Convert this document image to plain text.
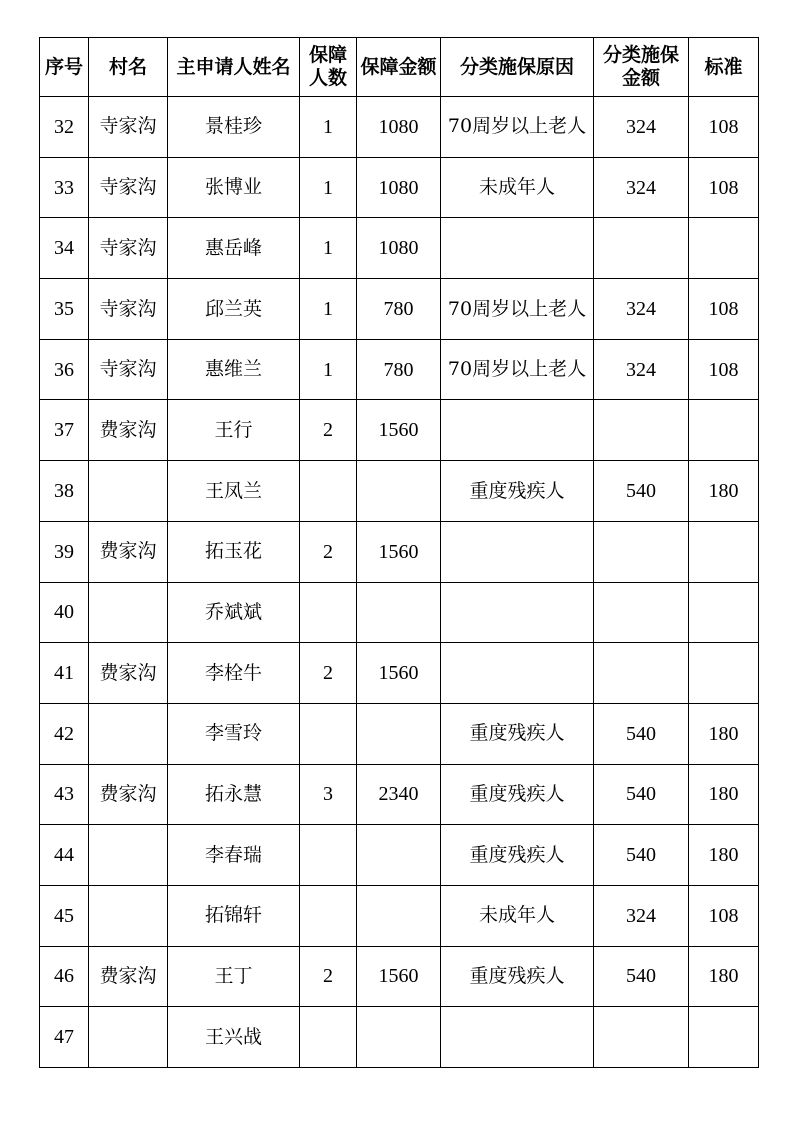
序号	村名	主申请人姓名	保障人数	保障金额	分类施保原因	分类施保金额	标准
32	寺家沟	景桂珍	1	1080	70周岁以上老人	324	108
33	寺家沟	张博业	1	1080	未成年人	324	108
34	寺家沟	惠岳峰	1	1080			
35	寺家沟	邱兰英	1	780	70周岁以上老人	324	108
36	寺家沟	惠维兰	1	780	70周岁以上老人	324	108
37	费家沟	王行	2	1560			
38		王凤兰			重度残疾人	540	180
39	费家沟	拓玉花	2	1560			
40		乔斌斌					
41	费家沟	李栓牛	2	1560			
42		李雪玲			重度残疾人	540	180
43	费家沟	拓永慧	3	2340	重度残疾人	540	180
44		李春瑞			重度残疾人	540	180
45		拓锦轩			未成年人	324	108
46	费家沟	王丁	2	1560	重度残疾人	540	180
47		王兴战					
